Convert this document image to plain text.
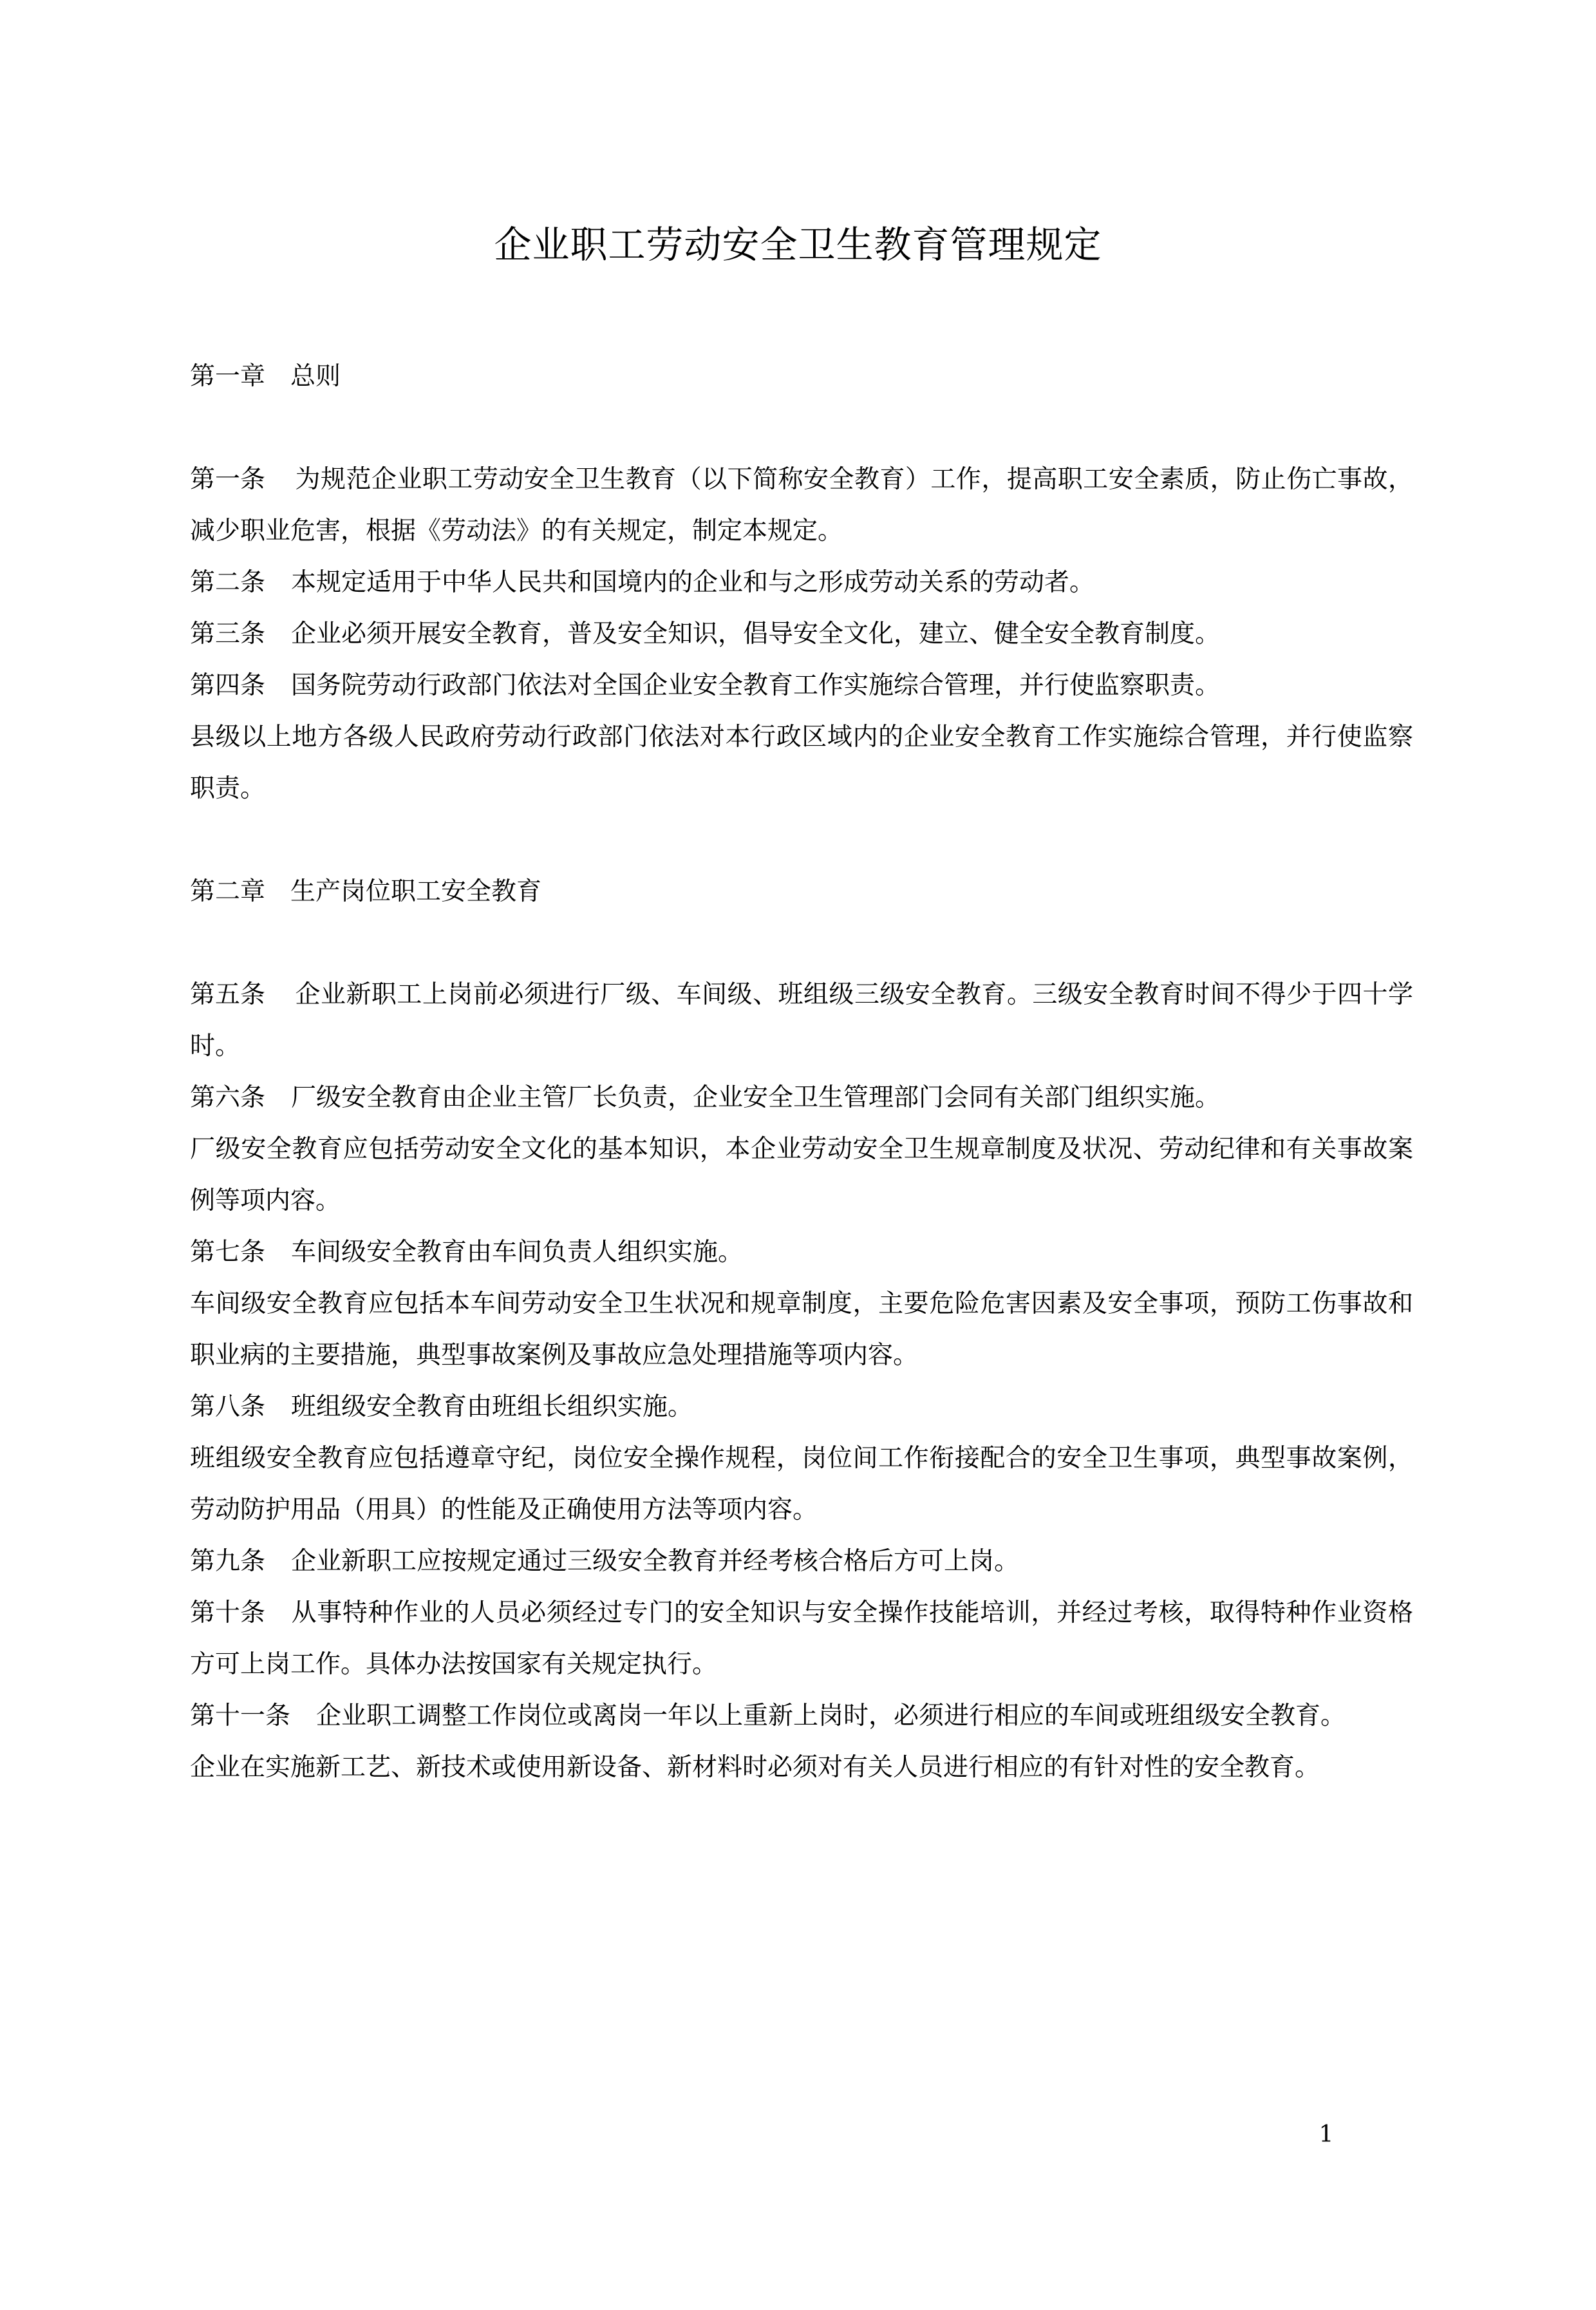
企业职工劳动安全卫生教育管理规定

第一章　总则

第一条 为规范企业职工劳动安全卫生教育（以下简称安全教育）工作，提高职工安全素质，防止伤亡事故，减少职业危害，根据《劳动法》的有关规定，制定本规定。

第二条 本规定适用于中华人民共和国境内的企业和与之形成劳动关系的劳动者。

第三条 企业必须开展安全教育，普及安全知识，倡导安全文化，建立、健全安全教育制度。

第四条 国务院劳动行政部门依法对全国企业安全教育工作实施综合管理，并行使监察职责。

县级以上地方各级人民政府劳动行政部门依法对本行政区域内的企业安全教育工作实施综合管理，并行使监察职责。

第二章　生产岗位职工安全教育

第五条 企业新职工上岗前必须进行厂级、车间级、班组级三级安全教育。三级安全教育时间不得少于四十学时。

第六条 厂级安全教育由企业主管厂长负责，企业安全卫生管理部门会同有关部门组织实施。

厂级安全教育应包括劳动安全文化的基本知识，本企业劳动安全卫生规章制度及状况、劳动纪律和有关事故案例等项内容。

第七条 车间级安全教育由车间负责人组织实施。

车间级安全教育应包括本车间劳动安全卫生状况和规章制度，主要危险危害因素及安全事项，预防工伤事故和职业病的主要措施，典型事故案例及事故应急处理措施等项内容。

第八条 班组级安全教育由班组长组织实施。

班组级安全教育应包括遵章守纪，岗位安全操作规程，岗位间工作衔接配合的安全卫生事项，典型事故案例，劳动防护用品（用具）的性能及正确使用方法等项内容。

第九条 企业新职工应按规定通过三级安全教育并经考核合格后方可上岗。

第十条 从事特种作业的人员必须经过专门的安全知识与安全操作技能培训，并经过考核，取得特种作业资格方可上岗工作。具体办法按国家有关规定执行。

第十一条 企业职工调整工作岗位或离岗一年以上重新上岗时，必须进行相应的车间或班组级安全教育。

企业在实施新工艺、新技术或使用新设备、新材料时必须对有关人员进行相应的有针对性的安全教育。

1
